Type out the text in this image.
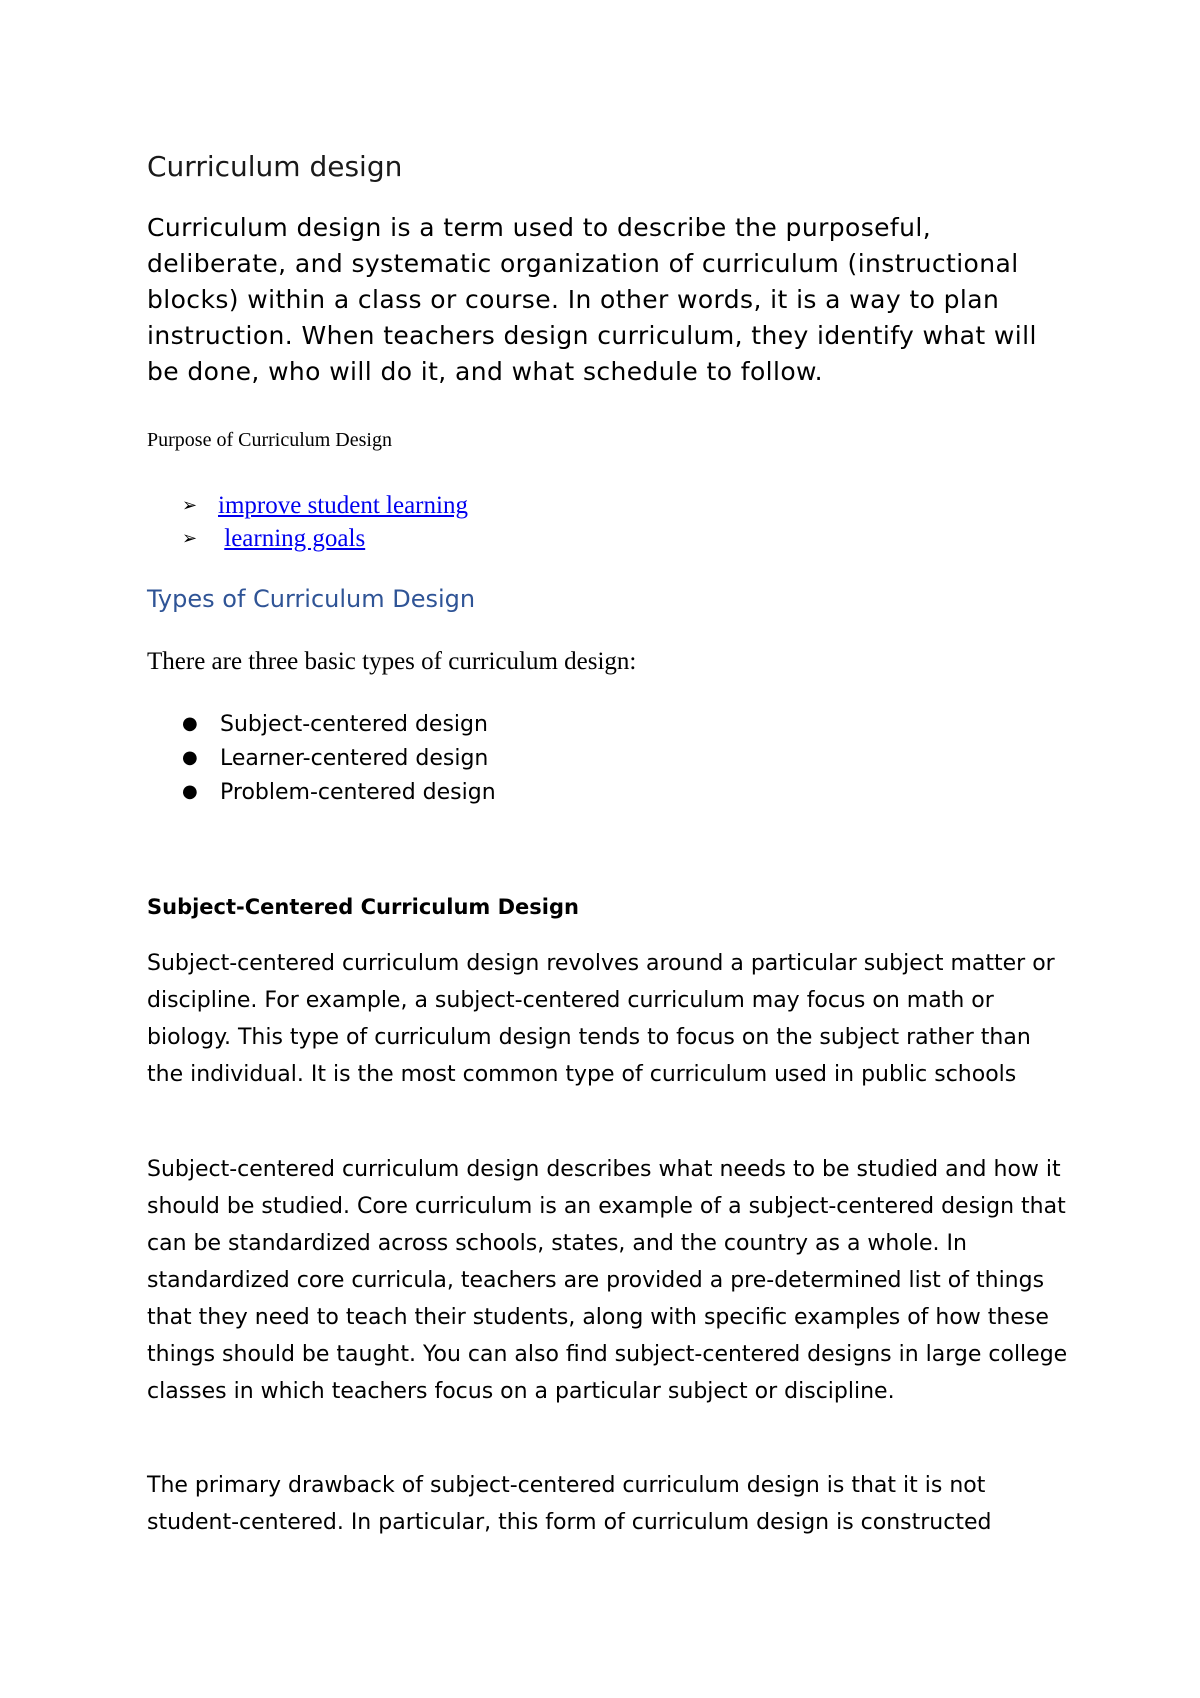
Curriculum design

Curriculum design is a term used to describe the purposeful, deliberate, and systematic organization of curriculum (instructional blocks) within a class or course. In other words, it is a way to plan instruction. When teachers design curriculum, they identify what will be done, who will do it, and what schedule to follow.

Purpose of Curriculum Design

➢ improve student learning
➢ learning goals
Types of Curriculum Design

There are three basic types of curriculum design:

● Subject-centered design
● Learner-centered design
● Problem-centered design
Subject-Centered Curriculum Design

Subject-centered curriculum design revolves around a particular subject matter or discipline. For example, a subject-centered curriculum may focus on math or biology. This type of curriculum design tends to focus on the subject rather than the individual. It is the most common type of curriculum used in public schools

Subject-centered curriculum design describes what needs to be studied and how it should be studied. Core curriculum is an example of a subject-centered design that can be standardized across schools, states, and the country as a whole. In standardized core curricula, teachers are provided a pre-determined list of things that they need to teach their students, along with specific examples of how these things should be taught. You can also find subject-centered designs in large college classes in which teachers focus on a particular subject or discipline.

The primary drawback of subject-centered curriculum design is that it is not student-centered. In particular, this form of curriculum design is constructed
